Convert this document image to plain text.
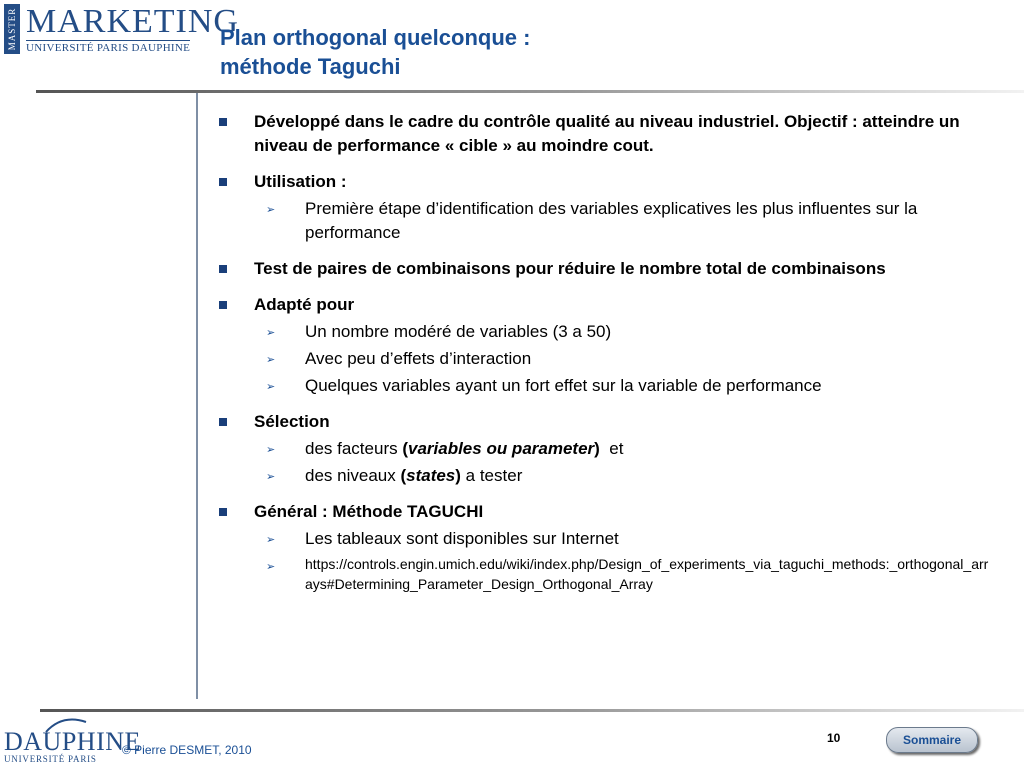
MASTER MARKETING
UNIVERSITÉ PARIS DAUPHINE Plan orthogonal quelconque :
méthode Taguchi
Développé dans le cadre du contrôle qualité au niveau industriel. Objectif : atteindre un niveau de performance « cible » au moindre cout.
Utilisation :
➢	Première étape d’identification des variables explicatives les plus influentes sur la performance
Test de paires de combinaisons pour réduire le nombre total de combinaisons
Adapté pour
➢	Un nombre modéré de variables (3 a 50)
➢	Avec peu d’effets d’interaction
➢	Quelques variables ayant un fort effet sur la variable de performance
Sélection
➢	des facteurs (variables ou parameter)  et
➢	des niveaux (states) a tester
Général : Méthode TAGUCHI
➢	Les tableaux sont disponibles sur Internet
➢	https://controls.engin.umich.edu/wiki/index.php/Design_of_experiments_via_taguchi_methods:_orthogonal_arrays#Determining_Parameter_Design_Orthogonal_Array
DAUPHINE
UNIVERSITÉ PARIS
© Pierre DESMET, 2010
10	Sommaire
